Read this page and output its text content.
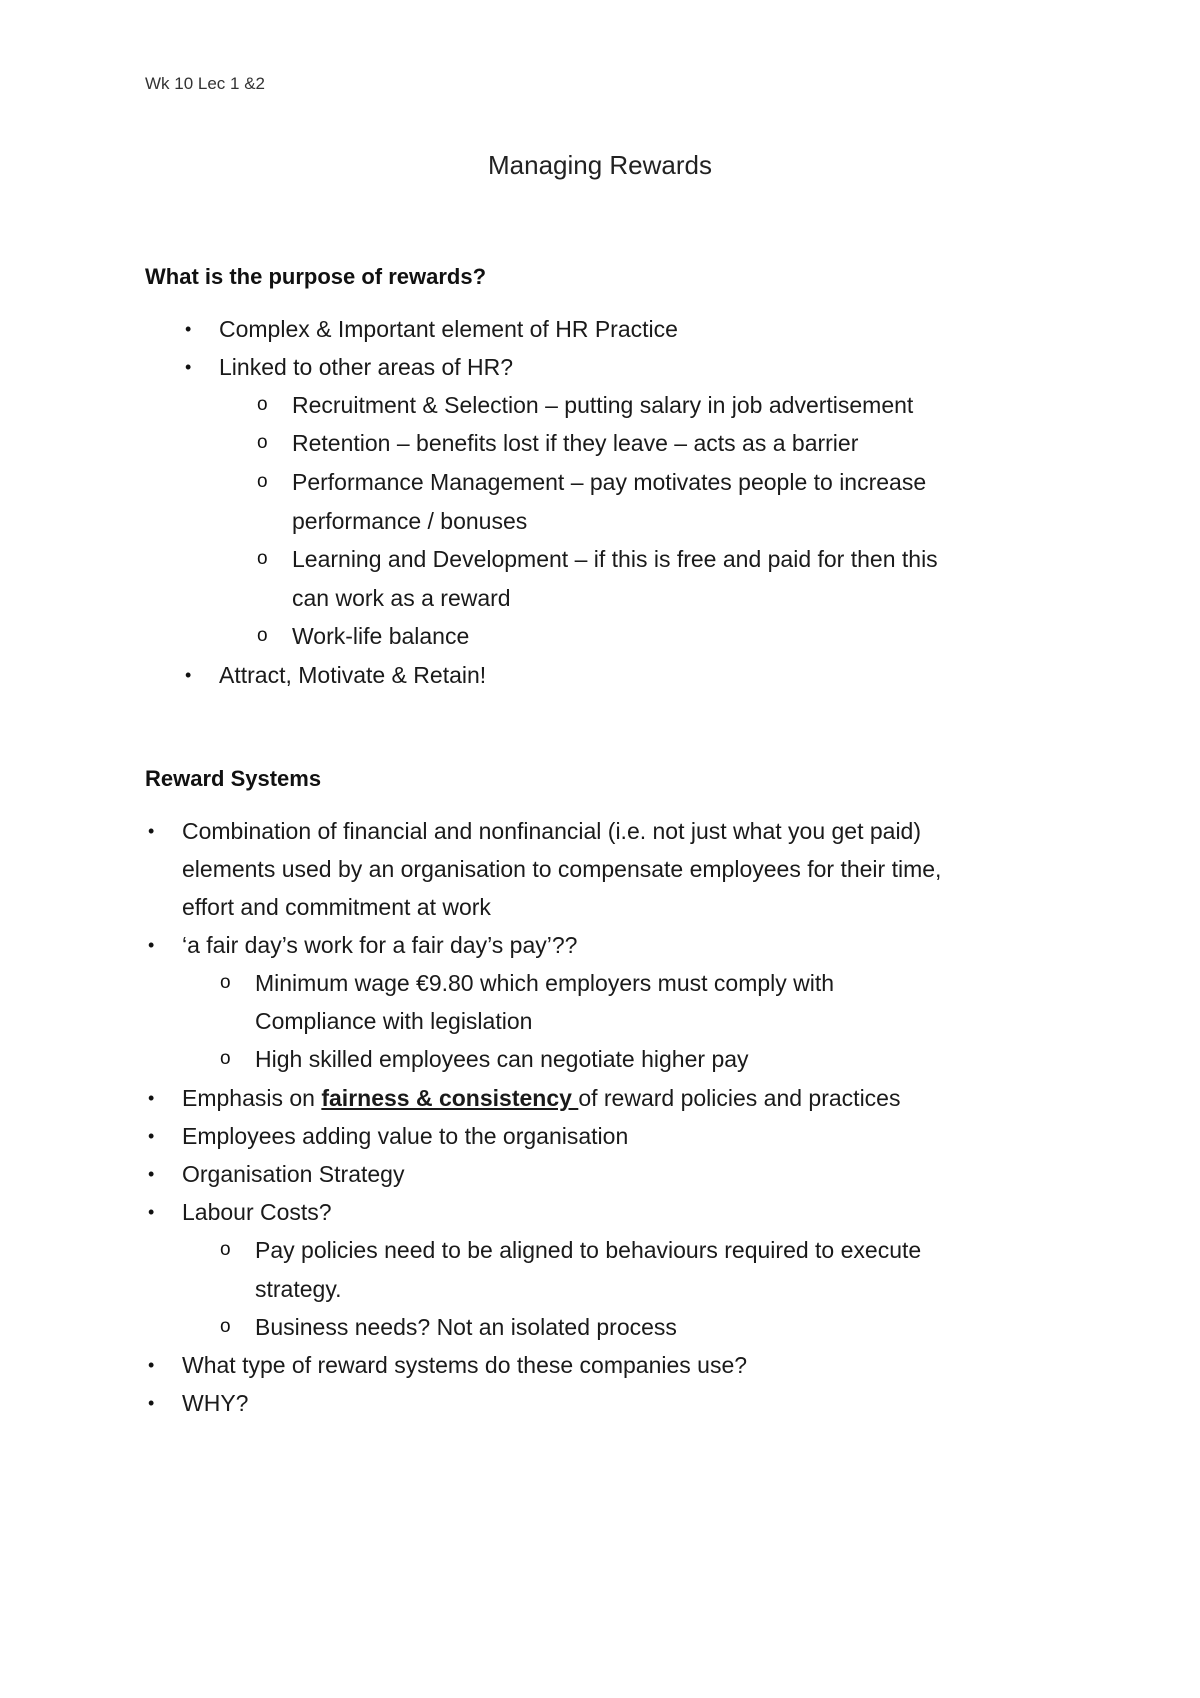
Wk 10 Lec 1 &2
Managing Rewards
What is the purpose of rewards?
• Complex & Important element of HR Practice
• Linked to other areas of HR?
o Recruitment & Selection – putting salary in job advertisement
o Retention – benefits lost if they leave – acts as a barrier
o Performance Management – pay motivates people to increase
performance / bonuses
o Learning and Development – if this is free and paid for then this
can work as a reward
o Work-life balance
• Attract, Motivate & Retain!
Reward Systems
• Combination of financial and nonfinancial (i.e. not just what you get paid)
elements used by an organisation to compensate employees for their time,
effort and commitment at work
• ‘a fair day’s work for a fair day’s pay’??
o Minimum wage €9.80 which employers must comply with
Compliance with legislation
o High skilled employees can negotiate higher pay
• Emphasis on fairness & consistency of reward policies and practices
• Employees adding value to the organisation
• Organisation Strategy
• Labour Costs?
o Pay policies need to be aligned to behaviours required to execute
strategy.
o Business needs? Not an isolated process
• What type of reward systems do these companies use?
• WHY?
